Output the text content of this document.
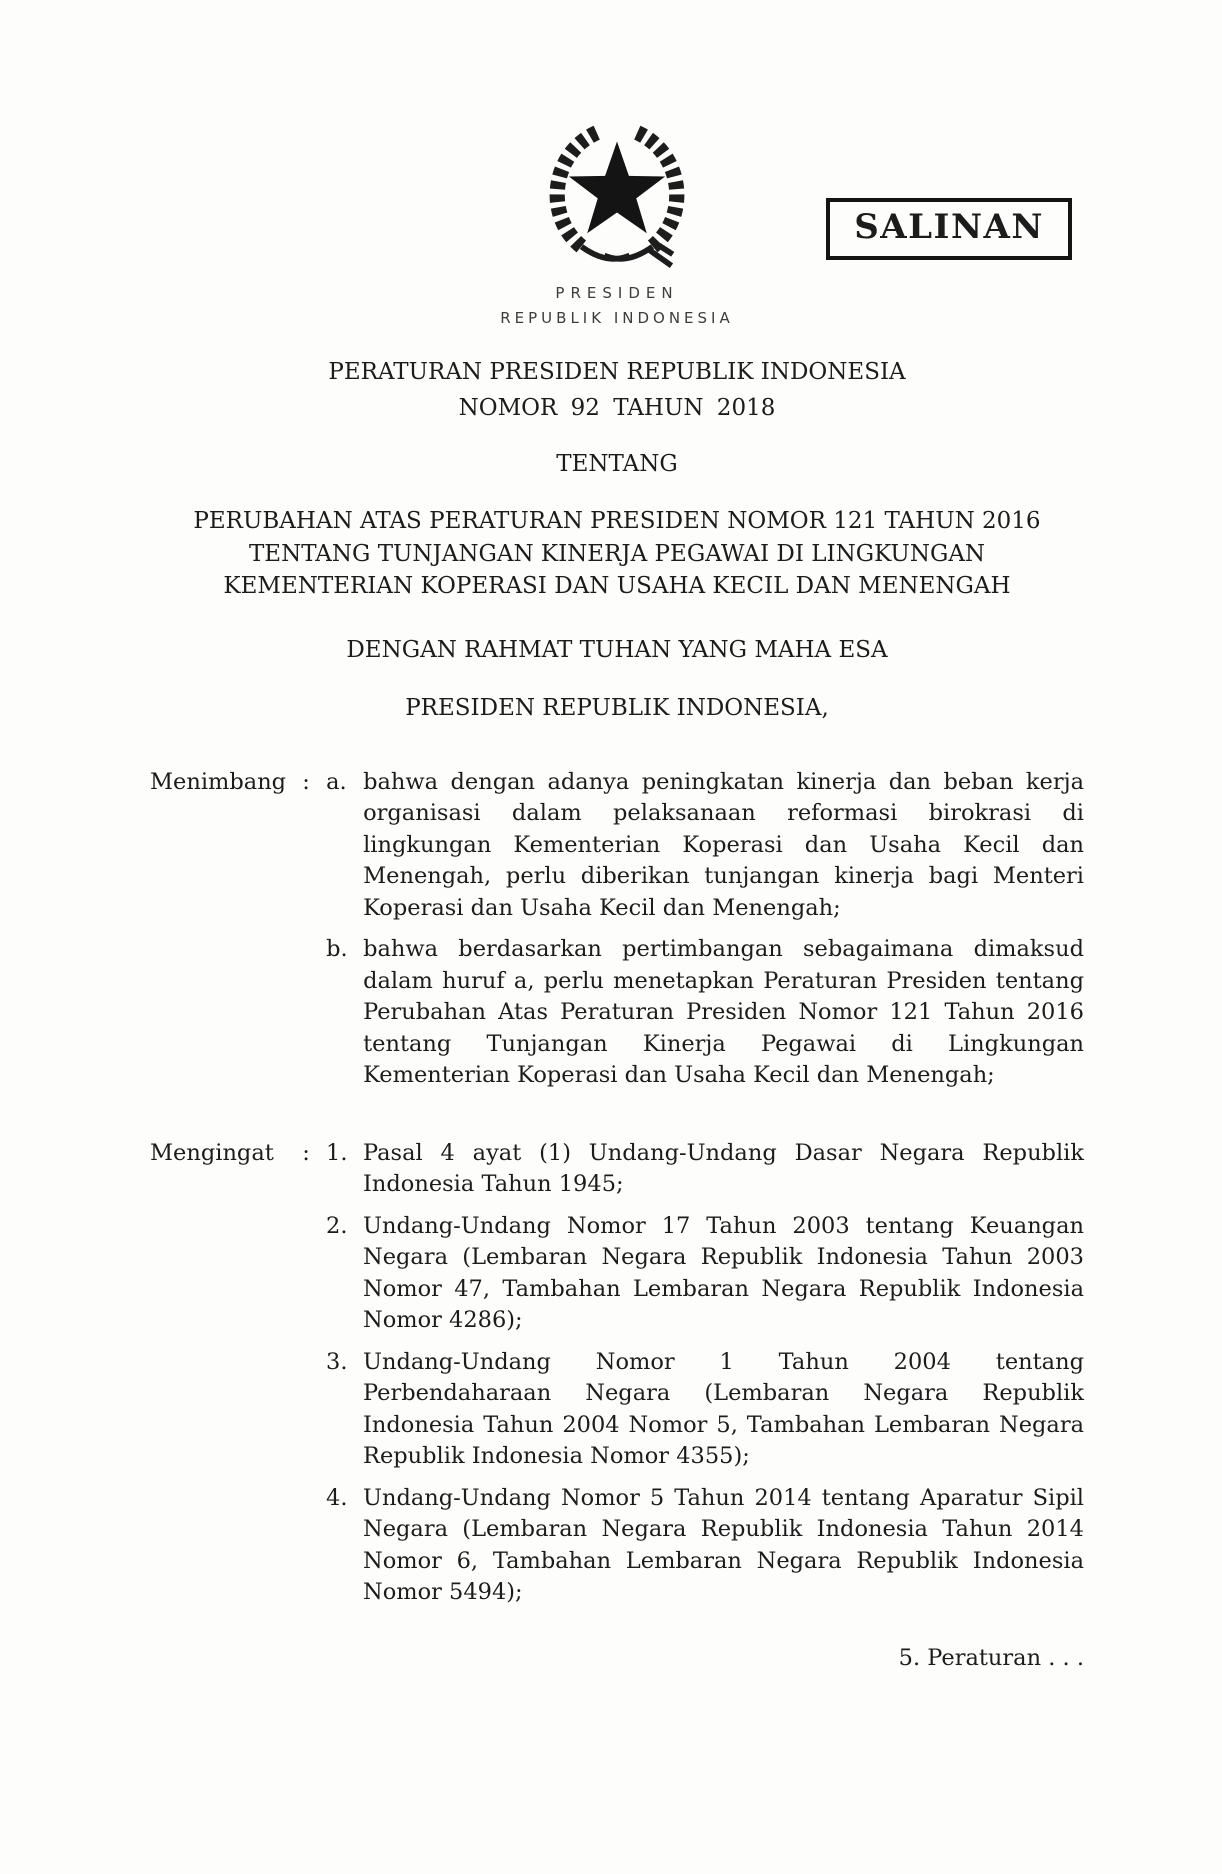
SALINAN
PRESIDEN
REPUBLIK INDONESIA
PERATURAN PRESIDEN REPUBLIK INDONESIA
NOMOR 92 TAHUN 2018
TENTANG
PERUBAHAN ATAS PERATURAN PRESIDEN NOMOR 121 TAHUN 2016
TENTANG TUNJANGAN KINERJA PEGAWAI DI LINGKUNGAN
KEMENTERIAN KOPERASI DAN USAHA KECIL DAN MENENGAH
DENGAN RAHMAT TUHAN YANG MAHA ESA
PRESIDEN REPUBLIK INDONESIA,
Menimbang : a. bahwa dengan adanya peningkatan kinerja dan beban kerja organisasi dalam pelaksanaan reformasi birokrasi di lingkungan Kementerian Koperasi dan Usaha Kecil dan Menengah, perlu diberikan tunjangan kinerja bagi Menteri Koperasi dan Usaha Kecil dan Menengah;
b. bahwa berdasarkan pertimbangan sebagaimana dimaksud dalam huruf a, perlu menetapkan Peraturan Presiden tentang Perubahan Atas Peraturan Presiden Nomor 121 Tahun 2016 tentang Tunjangan Kinerja Pegawai di Lingkungan Kementerian Koperasi dan Usaha Kecil dan Menengah;
Mengingat	: 1. Pasal 4 ayat (1) Undang-Undang Dasar Negara Republik Indonesia Tahun 1945;
2. Undang-Undang Nomor 17 Tahun 2003 tentang Keuangan Negara (Lembaran Negara Republik Indonesia Tahun 2003 Nomor 47, Tambahan Lembaran Negara Republik Indonesia Nomor 4286);
3. Undang-Undang Nomor 1 Tahun 2004 tentang Perbendaharaan Negara (Lembaran Negara Republik Indonesia Tahun 2004 Nomor 5, Tambahan Lembaran Negara Republik Indonesia Nomor 4355);
4. Undang-Undang Nomor 5 Tahun 2014 tentang Aparatur Sipil Negara (Lembaran Negara Republik Indonesia Tahun 2014 Nomor 6, Tambahan Lembaran Negara Republik Indonesia Nomor 5494);
5. Peraturan . . .
